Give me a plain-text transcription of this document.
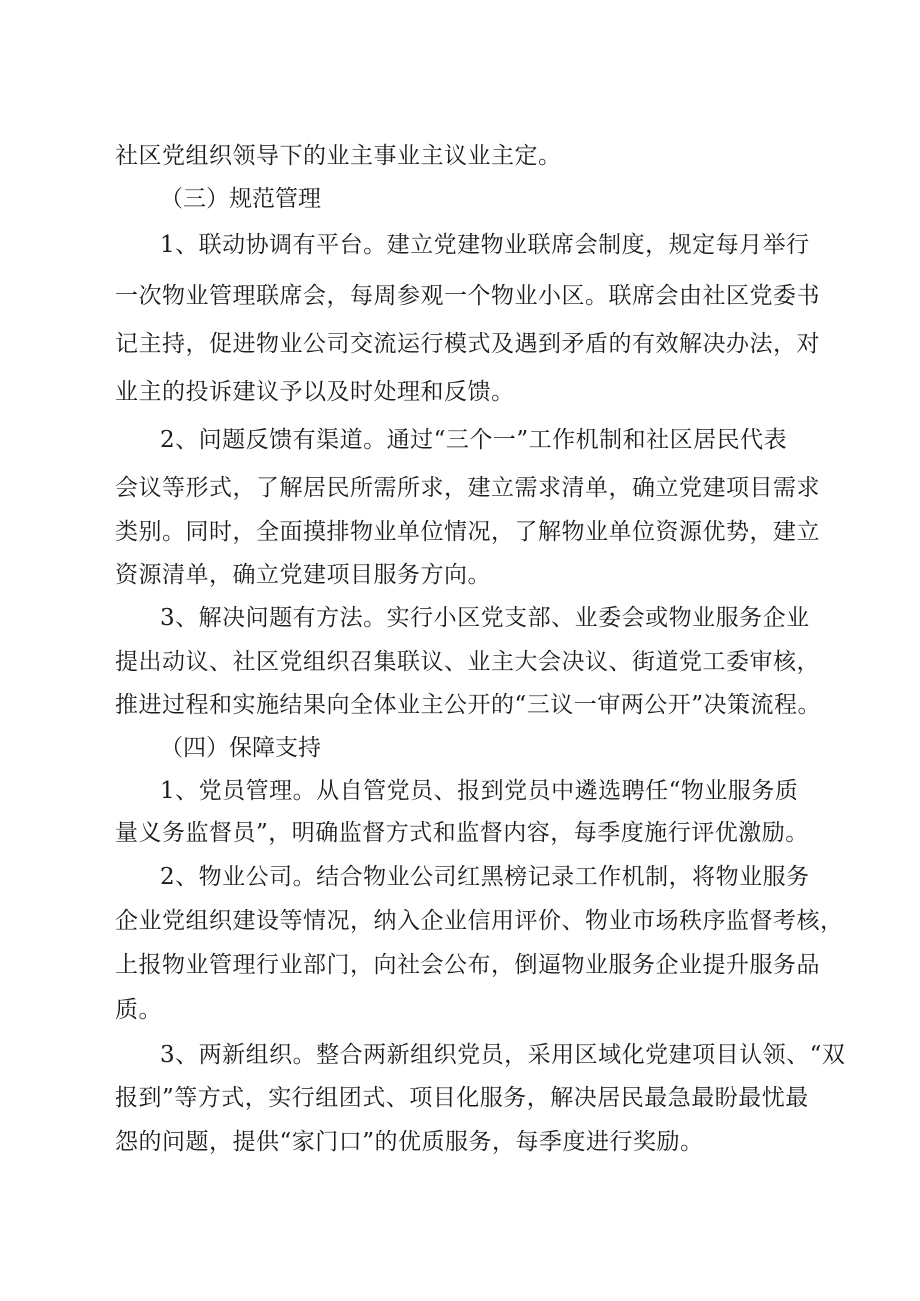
社区党组织领导下的业主事业主议业主定。
（三）规范管理
1、联动协调有平台。建立党建物业联席会制度，规定每月举行
一次物业管理联席会，每周参观一个物业小区。联席会由社区党委书
记主持，促进物业公司交流运行模式及遇到矛盾的有效解决办法，对
业主的投诉建议予以及时处理和反馈。
2、问题反馈有渠道。通过“三个一”工作机制和社区居民代表
会议等形式，了解居民所需所求，建立需求清单，确立党建项目需求
类别。同时，全面摸排物业单位情况，了解物业单位资源优势，建立
资源清单，确立党建项目服务方向。
3、解决问题有方法。实行小区党支部、业委会或物业服务企业
提出动议、社区党组织召集联议、业主大会决议、街道党工委审核，
推进过程和实施结果向全体业主公开的“三议一审两公开”决策流程。
（四）保障支持
1、党员管理。从自管党员、报到党员中遴选聘任“物业服务质
量义务监督员”，明确监督方式和监督内容，每季度施行评优激励。
2、物业公司。结合物业公司红黑榜记录工作机制，将物业服务
企业党组织建设等情况，纳入企业信用评价、物业市场秩序监督考核，
上报物业管理行业部门，向社会公布，倒逼物业服务企业提升服务品
质。
3、两新组织。整合两新组织党员，采用区域化党建项目认领、“双
报到”等方式，实行组团式、项目化服务，解决居民最急最盼最忧最
怨的问题，提供“家门口”的优质服务，每季度进行奖励。
